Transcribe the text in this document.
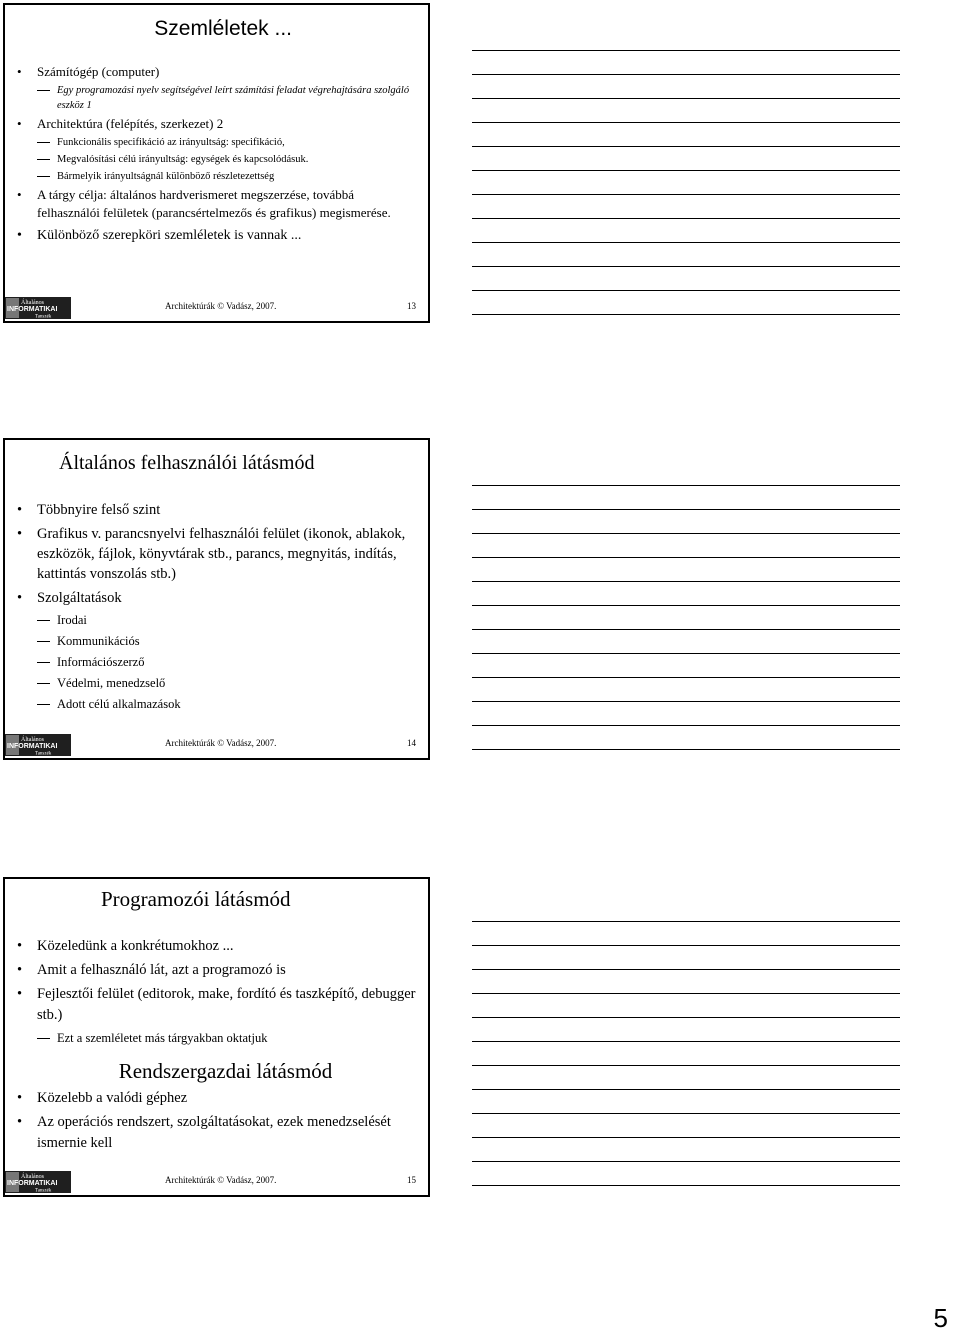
Szemléletek ...

• Számítógép (computer)

Egy programozási nyelv segítségével leírt számítási feladat végrehajtására szolgáló eszköz 1

• Architektúra (felépítés, szerkezet) 2

Funkcionális specifikáció az irányultság: specifikáció,

Megvalósítási célú irányultság: egységek és kapcsolódásuk.

Bármelyik irányultságnál különböző részletezettség

• A tárgy célja: általános hardverismeret megszerzése, továbbá felhasználói felületek (parancsértelmezős és grafikus) megismerése.

• Különböző szerepköri szemléletek is vannak ...

Általános
INFORMATIKAI
Tanszék
Architektúrák © Vadász, 2007.	13
Általános felhasználói látásmód

• Többnyire felső szint

• Grafikus v. parancsnyelvi felhasználói felület (ikonok, ablakok, eszközök, fájlok, könyvtárak stb., parancs, megnyitás, indítás, kattintás vonszolás stb.)

• Szolgáltatások

Irodai

Kommunikációs

Információszerző

Védelmi, menedzselő

Adott célú alkalmazások

Általános
INFORMATIKAI
Tanszék
Architektúrák © Vadász, 2007.	14
Programozói látásmód

• Közeledünk a konkrétumokhoz ...

• Amit a felhasználó lát, azt a programozó is

• Fejlesztői felület (editorok, make, fordító és taszképítő, debugger stb.)

Ezt a szemléletet más tárgyakban oktatjuk

Rendszergazdai látásmód

• Közelebb a valódi géphez

• Az operációs rendszert, szolgáltatásokat, ezek menedzselését ismernie kell

Általános
INFORMATIKAI
Tanszék
Architektúrák © Vadász, 2007.	15
5
